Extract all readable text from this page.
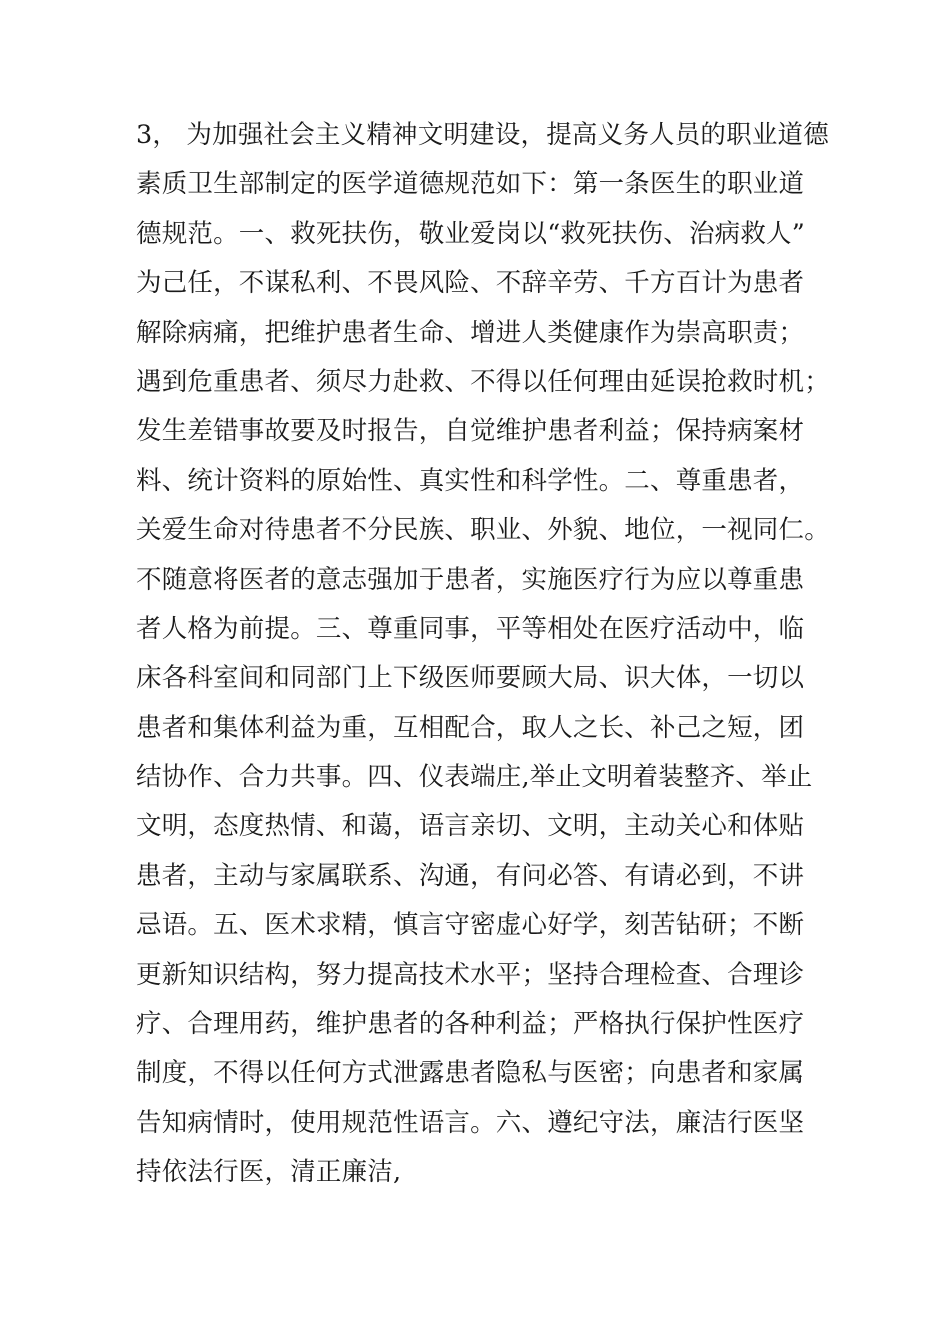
3， 为加强社会主义精神文明建设，提高义务人员的职业道德
素质卫生部制定的医学道德规范如下：第一条医生的职业道
德规范。一、救死扶伤，敬业爱岗以“救死扶伤、治病救人”
为己任，不谋私利、不畏风险、不辞辛劳、千方百计为患者
解除病痛，把维护患者生命、增进人类健康作为崇高职责；
遇到危重患者、须尽力赴救、不得以任何理由延误抢救时机；
发生差错事故要及时报告，自觉维护患者利益；保持病案材
料、统计资料的原始性、真实性和科学性。二、尊重患者，
关爱生命对待患者不分民族、职业、外貌、地位，一视同仁。
不随意将医者的意志强加于患者，实施医疗行为应以尊重患
者人格为前提。三、尊重同事，平等相处在医疗活动中，临
床各科室间和同部门上下级医师要顾大局、识大体，一切以
患者和集体利益为重，互相配合，取人之长、补己之短，团
结协作、合力共事。四、仪表端庄,举止文明着装整齐、举止
文明，态度热情、和蔼，语言亲切、文明，主动关心和体贴
患者，主动与家属联系、沟通，有问必答、有请必到，不讲
忌语。五、医术求精，慎言守密虚心好学，刻苦钻研；不断
更新知识结构，努力提高技术水平；坚持合理检查、合理诊
疗、合理用药，维护患者的各种利益；严格执行保护性医疗
制度，不得以任何方式泄露患者隐私与医密；向患者和家属
告知病情时，使用规范性语言。六、遵纪守法，廉洁行医坚
持依法行医，清正廉洁,
